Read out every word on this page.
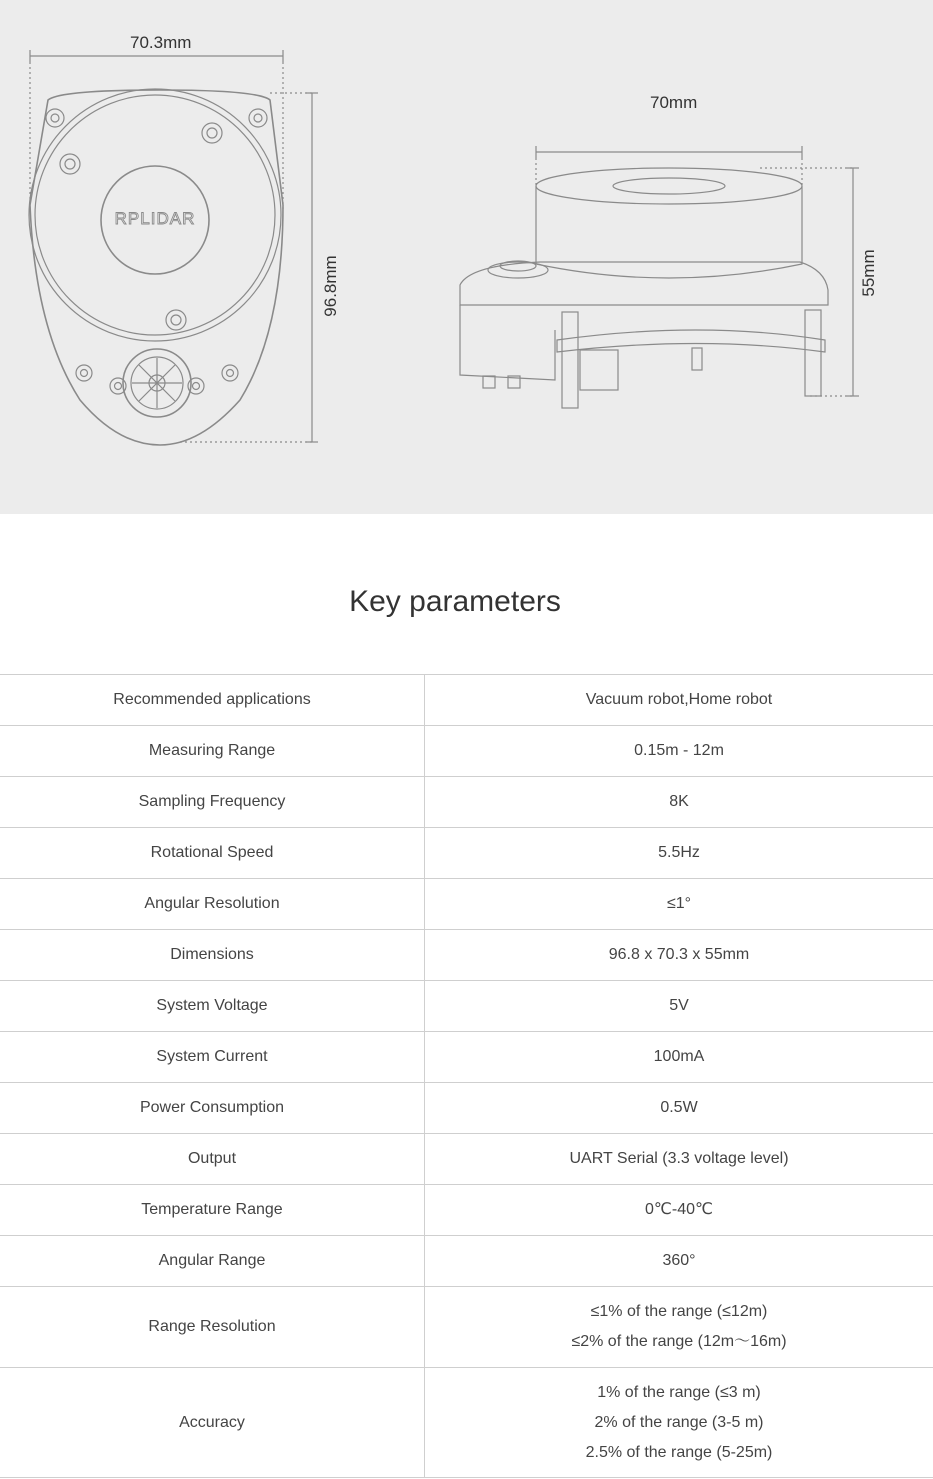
RPLIDAR
70.3mm
96.8mm
70mm
55mm
Key parameters
Recommended applications	Vacuum robot,Home robot

Measuring Range	0.15m - 12m

Sampling Frequency	8K

Rotational Speed	5.5Hz

Angular Resolution	≤1°

Dimensions	96.8 x 70.3 x 55mm

System Voltage	5V

System Current	100mA

Power Consumption	0.5W

Output	UART Serial (3.3 voltage level)

Temperature Range	0℃-40℃

Angular Range	360°

Range Resolution	≤1% of the range (≤12m)
≤2% of the range (12m～16m)

Accuracy	1% of the range (≤3 m)
2% of the range (3-5 m)
2.5% of the range (5-25m)
